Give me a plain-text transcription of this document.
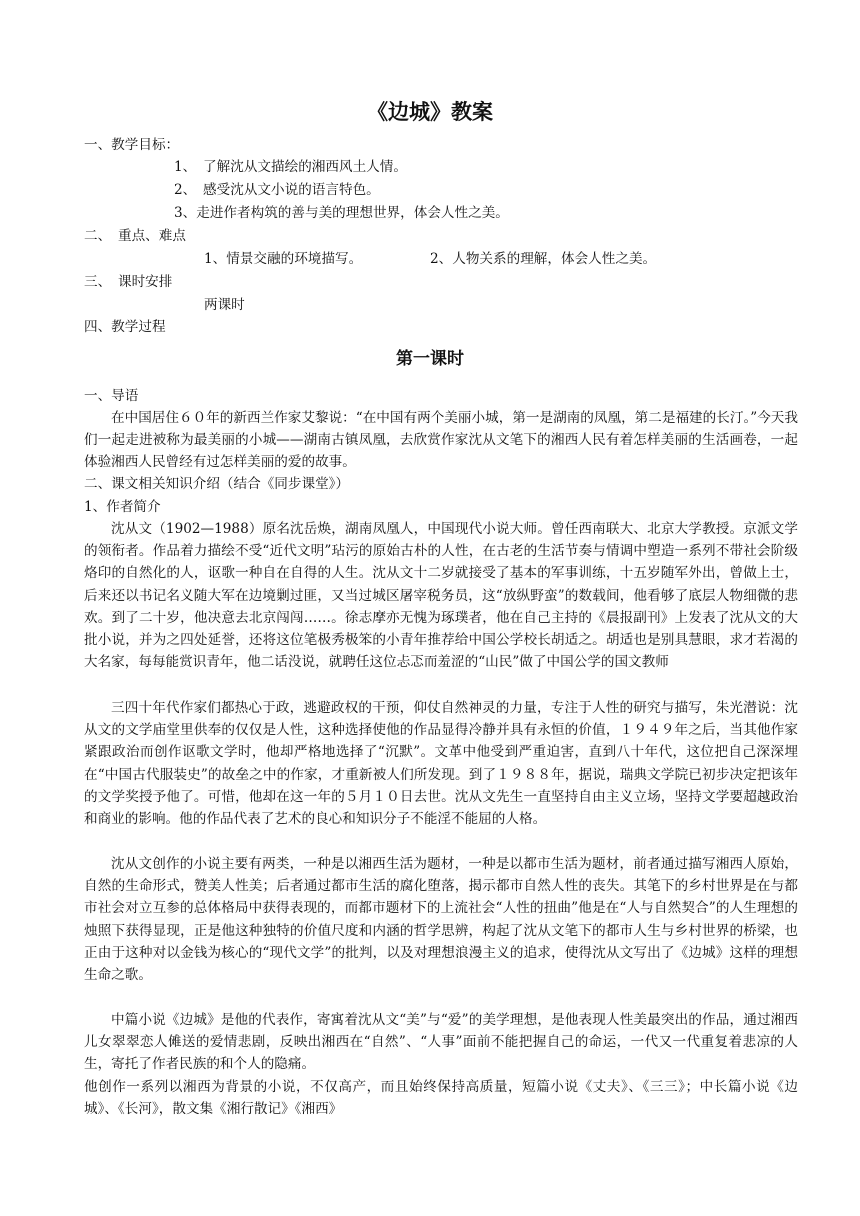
《边城》教案
一、教学目标：
1、　了解沈从文描绘的湘西风土人情。
2、　感受沈从文小说的语言特色。
3、走进作者构筑的善与美的理想世界，体会人性之美。
二、　重点、难点
1、情景交融的环境描写。	2、人物关系的理解，体会人性之美。
三、　课时安排
两课时
四、教学过程
第一课时
一、导语
在中国居住６０年的新西兰作家艾黎说：“在中国有两个美丽小城，第一是湖南的凤凰，第二是福建的长汀。”今天我们一起走进被称为最美丽的小城——湖南古镇凤凰，去欣赏作家沈从文笔下的湘西人民有着怎样美丽的生活画卷，一起体验湘西人民曾经有过怎样美丽的爱的故事。
二、课文相关知识介绍（结合《同步课堂》）
1、作者简介
沈从文（1902—1988）原名沈岳焕，湖南凤凰人，中国现代小说大师。曾任西南联大、北京大学教授。京派文学的领衔者。作品着力描绘不受“近代文明”玷污的原始古朴的人性，在古老的生活节奏与情调中塑造一系列不带社会阶级烙印的自然化的人，讴歌一种自在自得的人生。沈从文十二岁就接受了基本的军事训练，十五岁随军外出，曾做上士，后来还以书记名义随大军在边境剿过匪，又当过城区屠宰税务员，这“放纵野蛮”的数载间，他看够了底层人物细微的悲欢。到了二十岁，他决意去北京闯闯……。徐志摩亦无愧为琢璞者，他在自己主持的《晨报副刊》上发表了沈从文的大批小说，并为之四处延誉，还将这位笔极秀极笨的小青年推荐给中国公学校长胡适之。胡适也是别具慧眼，求才若渴的大名家，每每能赏识青年，他二话没说，就聘任这位忐忑而羞涩的“山民”做了中国公学的国文教师
三四十年代作家们都热心于政，逃避政权的干预，仰仗自然神灵的力量，专注于人性的研究与描写，朱光潜说：沈从文的文学庙堂里供奉的仅仅是人性，这种选择使他的作品显得冷静并具有永恒的价值，１９４９年之后，当其他作家紧跟政治而创作讴歌文学时，他却严格地选择了“沉默”。文革中他受到严重迫害，直到八十年代，这位把自己深深埋在“中国古代服装史”的故垒之中的作家，才重新被人们所发现。到了１９８８年，据说，瑞典文学院已初步决定把该年的文学奖授予他了。可惜，他却在这一年的５月１０日去世。沈从文先生一直坚持自由主义立场，坚持文学要超越政治和商业的影响。他的作品代表了艺术的良心和知识分子不能淫不能屈的人格。
沈从文创作的小说主要有两类，一种是以湘西生活为题材，一种是以都市生活为题材，前者通过描写湘西人原始，自然的生命形式，赞美人性美；后者通过都市生活的腐化堕落，揭示都市自然人性的丧失。其笔下的乡村世界是在与都市社会对立互参的总体格局中获得表现的，而都市题材下的上流社会“人性的扭曲”他是在“人与自然契合”的人生理想的烛照下获得显现，正是他这种独特的价值尺度和内涵的哲学思辨，构起了沈从文笔下的都市人生与乡村世界的桥梁，也正由于这种对以金钱为核心的“现代文学”的批判，以及对理想浪漫主义的追求，使得沈从文写出了《边城》这样的理想生命之歌。
中篇小说《边城》是他的代表作，寄寓着沈从文“美”与“爱”的美学理想，是他表现人性美最突出的作品，通过湘西儿女翠翠恋人傩送的爱情悲剧，反映出湘西在“自然”、“人事”面前不能把握自己的命运，一代又一代重复着悲凉的人生，寄托了作者民族的和个人的隐痛。
他创作一系列以湘西为背景的小说，不仅高产，而且始终保持高质量，短篇小说《丈夫》、《三三》；中长篇小说《边城》、《长河》，散文集《湘行散记》《湘西》
